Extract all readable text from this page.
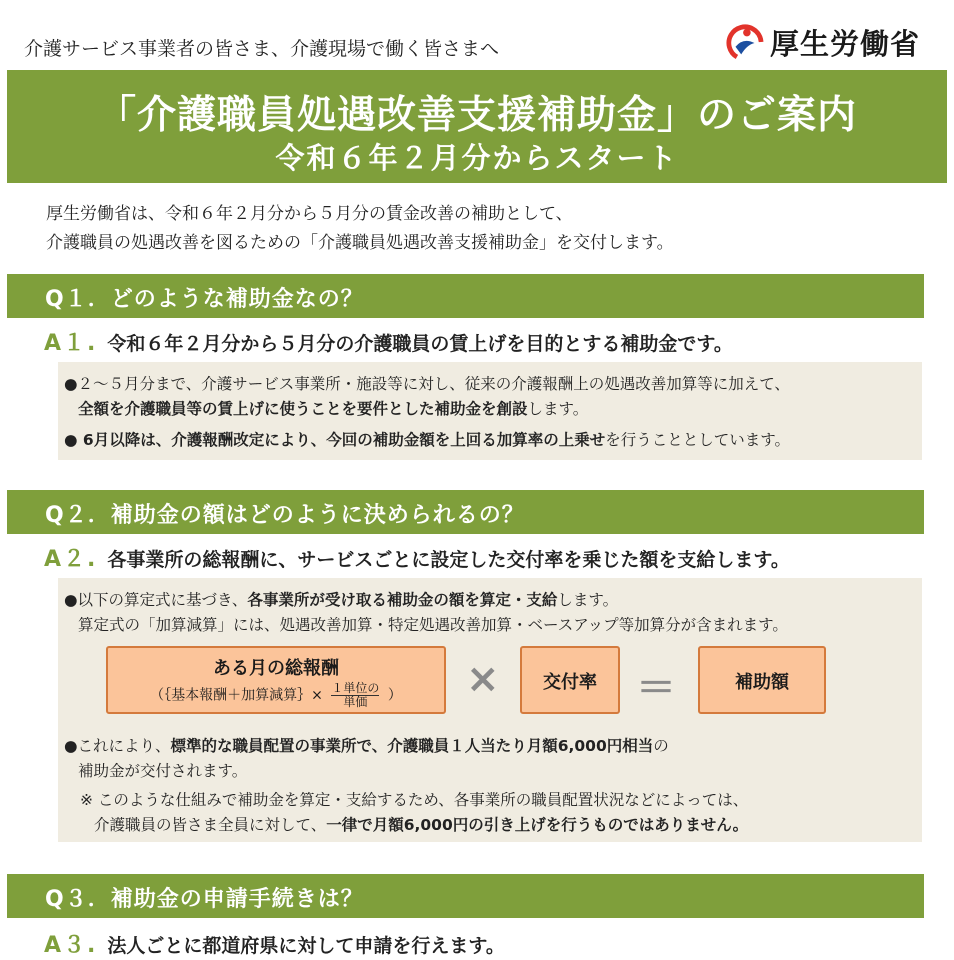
介護サービス事業者の皆さま、介護現場で働く皆さまへ	厚生労働省
「介護職員処遇改善支援補助金」のご案内
令和６年２月分からスタート
厚生労働省は、令和６年２月分から５月分の賃金改善の補助として、
介護職員の処遇改善を図るための「介護職員処遇改善支援補助金」を交付します。
Q１．どのような補助金なの？
A１. 令和６年２月分から５月分の介護職員の賃上げを目的とする補助金です。
●２～５月分まで、介護サービス事業所・施設等に対し、従来の介護報酬上の処遇改善加算等に加えて、
全額を介護職員等の賃上げに使うことを要件とした補助金を創設します。
● 6月以降は、介護報酬改定により、今回の補助金額を上回る加算率の上乗せを行うこととしています。
Q２．補助金の額はどのように決められるの？
A２. 各事業所の総報酬に、サービスごとに設定した交付率を乗じた額を支給します。
●以下の算定式に基づき、各事業所が受け取る補助金の額を算定・支給します。
算定式の「加算減算」には、処遇改善加算・特定処遇改善加算・ベースアップ等加算分が含まれます。
ある月の総報酬
（｛基本報酬＋加算減算｝× １単位の
単価	）	×	交付率 ＝	補助額
●これにより、標準的な職員配置の事業所で、介護職員１人当たり月額6,000円相当の
補助金が交付されます。
※ このような仕組みで補助金を算定・支給するため、各事業所の職員配置状況などによっては、
介護職員の皆さま全員に対して、一律で月額6,000円の引き上げを行うものではありません。
Q３．補助金の申請手続きは？
A３. 法人ごとに都道府県に対して申請を行えます。
